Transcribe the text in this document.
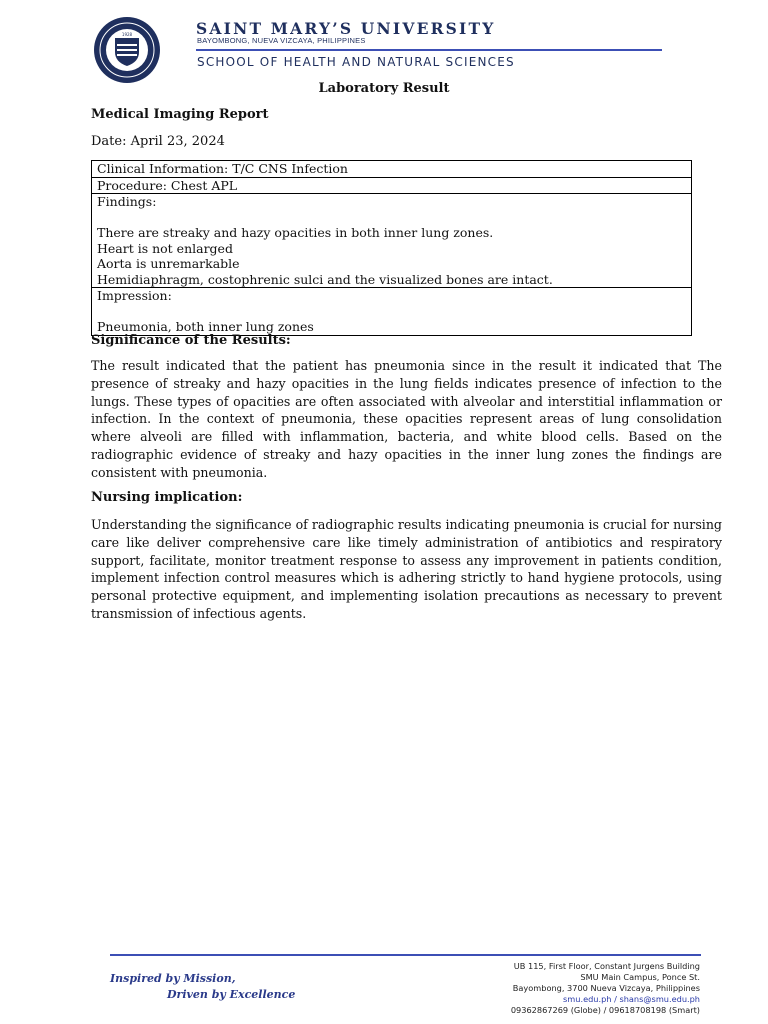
1928	SAINT MARY’S UNIVERSITY
BAYOMBONG, NUEVA VIZCAYA, PHILIPPINES
SCHOOL OF HEALTH AND NATURAL SCIENCES
Laboratory Result
Medical Imaging Report
Date: April 23, 2024
Clinical Information: T/C CNS Infection
Procedure: Chest APL

Findings:
There are streaky and hazy opacities in both inner lung zones.
Heart is not enlarged
Aorta is unremarkable
Hemidiaphragm, costophrenic sulci and the visualized bones are intact.

Impression:
Pneumonia, both inner lung zones
Significance of the Results:

The result indicated that the patient has pneumonia since in the result it indicated that The presence of streaky and hazy opacities in the lung fields indicates presence of infection to the lungs. These types of opacities are often associated with alveolar and interstitial inflammation or infection. In the context of pneumonia, these opacities represent areas of lung consolidation where alveoli are filled with inflammation, bacteria, and white blood cells. Based on the radiographic evidence of streaky and hazy opacities in the inner lung zones the findings are consistent with pneumonia.

Nursing implication:

Understanding the significance of radiographic results indicating pneumonia is crucial for nursing care like deliver comprehensive care like timely administration of antibiotics and respiratory support, facilitate, monitor treatment response to assess any improvement in patients condition, implement infection control measures which is adhering strictly to hand hygiene protocols, using personal protective equipment, and implementing isolation precautions as necessary to prevent transmission of infectious agents.

Inspired by Mission,
Driven by Excellence
UB 115, First Floor, Constant Jurgens Building
SMU Main Campus, Ponce St.
Bayombong, 3700 Nueva Vizcaya, Philippines
smu.edu.ph / shans@smu.edu.ph
09362867269 (Globe) / 09618708198 (Smart)
